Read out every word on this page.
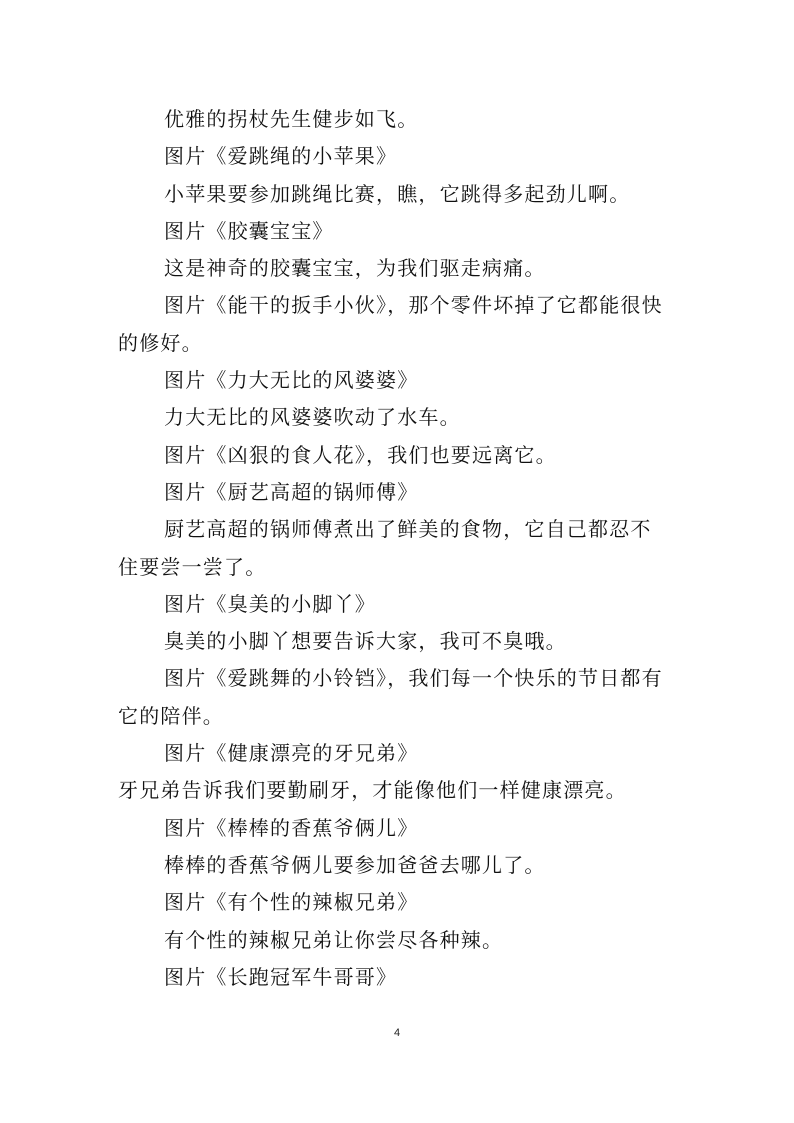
优雅的拐杖先生健步如飞。
图片《爱跳绳的小苹果》
小苹果要参加跳绳比赛，瞧，它跳得多起劲儿啊。
图片《胶囊宝宝》
这是神奇的胶囊宝宝，为我们驱走病痛。
图片《能干的扳手小伙》，那个零件坏掉了它都能很快
的修好。
图片《力大无比的风婆婆》
力大无比的风婆婆吹动了水车。
图片《凶狠的食人花》，我们也要远离它。
图片《厨艺高超的锅师傅》
厨艺高超的锅师傅煮出了鲜美的食物，它自己都忍不
住要尝一尝了。
图片《臭美的小脚丫》
臭美的小脚丫想要告诉大家，我可不臭哦。
图片《爱跳舞的小铃铛》，我们每一个快乐的节日都有
它的陪伴。
图片《健康漂亮的牙兄弟》
牙兄弟告诉我们要勤刷牙，才能像他们一样健康漂亮。
图片《棒棒的香蕉爷俩儿》
棒棒的香蕉爷俩儿要参加爸爸去哪儿了。
图片《有个性的辣椒兄弟》
有个性的辣椒兄弟让你尝尽各种辣。
图片《长跑冠军牛哥哥》
4
